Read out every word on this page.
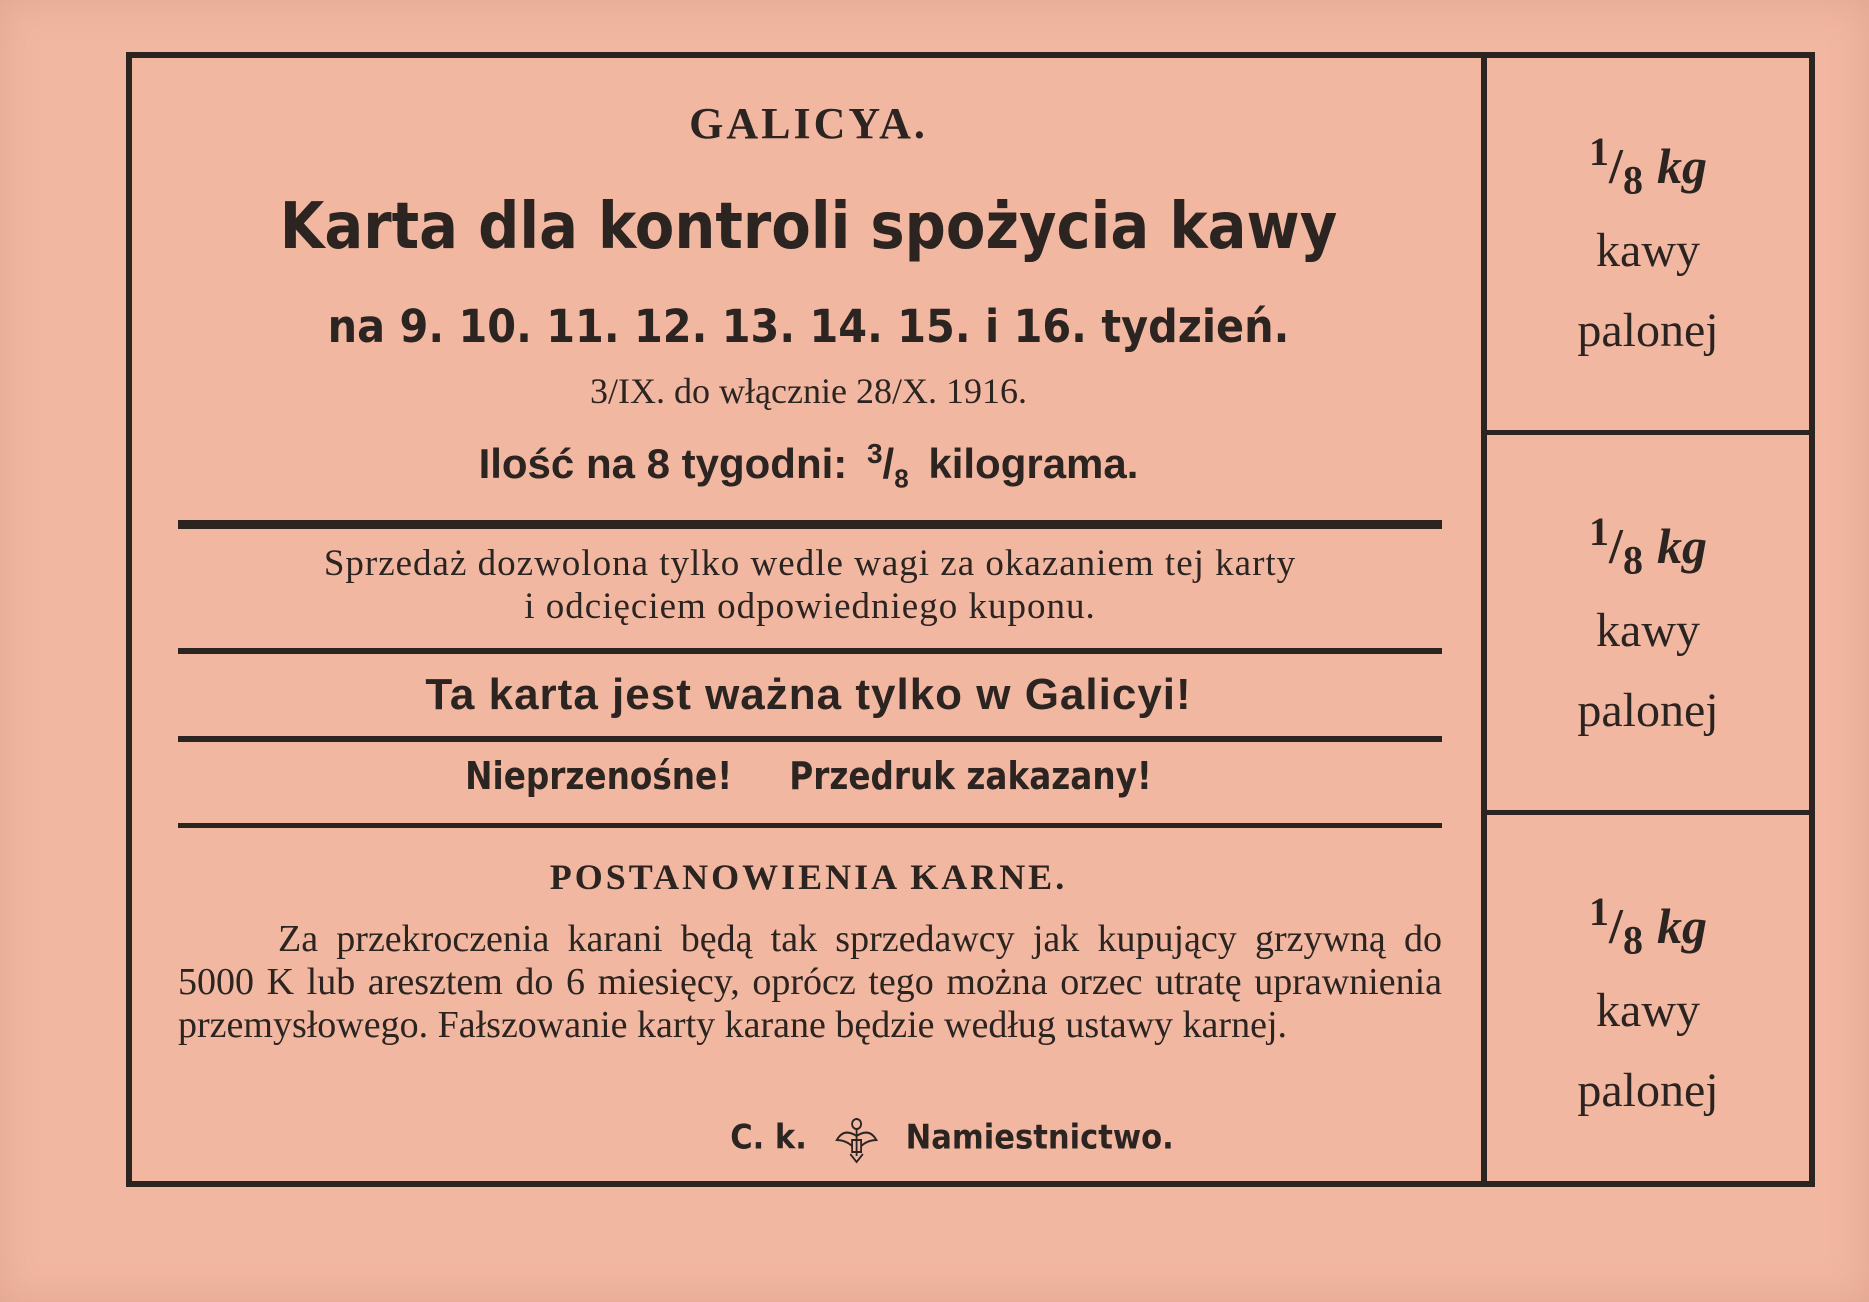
GALICYA.
Karta dla kontroli spożycia kawy
na 9. 10. 11. 12. 13. 14. 15. i 16. tydzień.
3/IX. do włącznie 28/X. 1916.
Ilość na 8 tygodni: $^3/_8$ kilograma.
Sprzedaż dozwolona tylko wedle wagi za okazaniem tej karty
i odcięciem odpowiedniego kuponu.
Ta karta jest ważna tylko w Galicyi!
Nieprzenośne! Przedruk zakazany!
POSTANOWIENIA KARNE.
Za przekroczenia karani będą tak sprzedawcy jak kupujący grzywną do 5000 K lub aresztem do 6 miesięcy, oprócz tego można orzec utratę uprawnienia przemysłowego. Fałszowanie karty karane będzie według ustawy karnej.
C. k.	Namiestnictwo.
$^1/_8$ kg
kawy
palonej
$^1/_8$ kg
kawy
palonej
$^1/_8$ kg
kawy
palonej
